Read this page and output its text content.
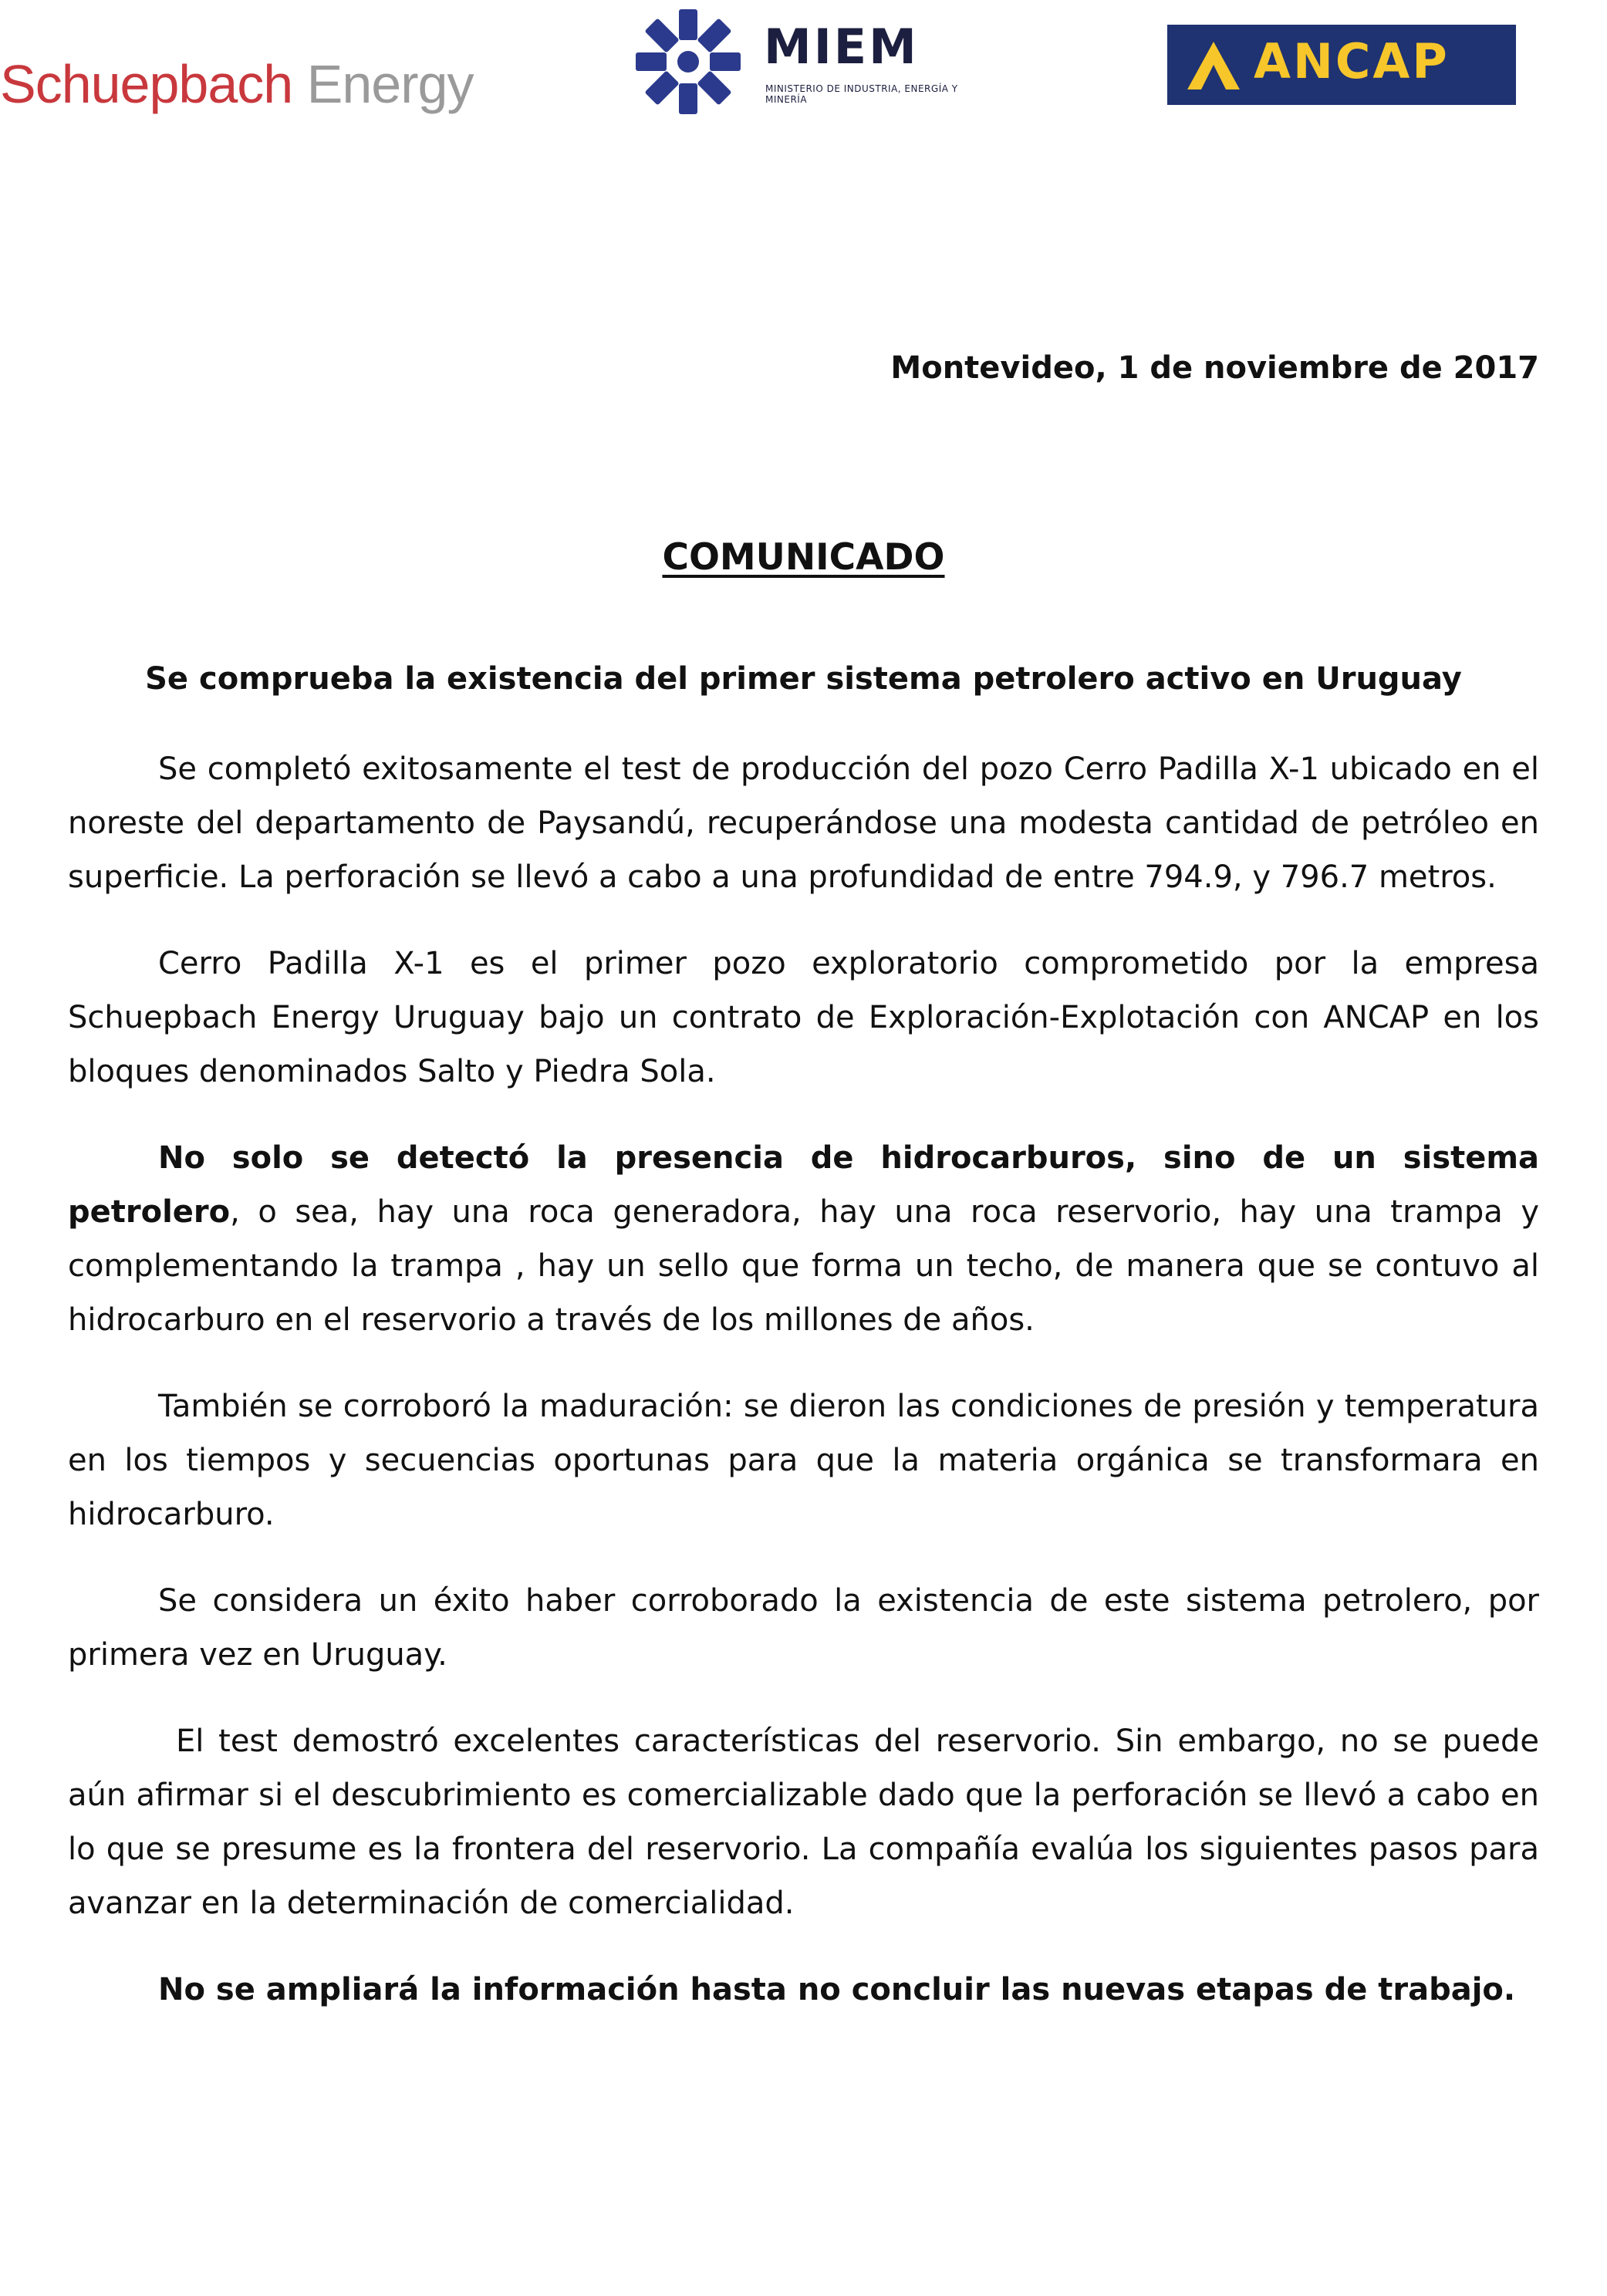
Schuepbach Energy
MIEM
MINISTERIO DE INDUSTRIA, ENERGÍA Y MINERÍA
ANCAP
Montevideo, 1 de noviembre de 2017
COMUNICADO
Se comprueba la existencia del primer sistema petrolero activo en Uruguay

Se completó exitosamente el test de producción del pozo Cerro Padilla X-1 ubicado en el noreste del departamento de Paysandú, recuperándose una modesta cantidad de petróleo en superficie. La perforación se llevó a cabo a una profundidad de entre 794.9, y 796.7 metros.

Cerro Padilla X-1 es el primer pozo exploratorio comprometido por la empresa Schuepbach Energy Uruguay bajo un contrato de Exploración-Explotación con ANCAP en los bloques denominados Salto y Piedra Sola.

No solo se detectó la presencia de hidrocarburos, sino de un sistema petrolero, o sea, hay una roca generadora, hay una roca reservorio, hay una trampa y complementando la trampa , hay un sello que forma un techo, de manera que se contuvo al hidrocarburo en el reservorio a través de los millones de años.

También se corroboró la maduración: se dieron las condiciones de presión y temperatura en los tiempos y secuencias oportunas para que la materia orgánica se transformara en hidrocarburo.

Se considera un éxito haber corroborado la existencia de este sistema petrolero, por primera vez en Uruguay.

El test demostró excelentes características del reservorio. Sin embargo, no se puede aún afirmar si el descubrimiento es comercializable dado que la perforación se llevó a cabo en lo que se presume es la frontera del reservorio. La compañía evalúa los siguientes pasos para avanzar en la determinación de comercialidad.

No se ampliará la información hasta no concluir las nuevas etapas de trabajo.
